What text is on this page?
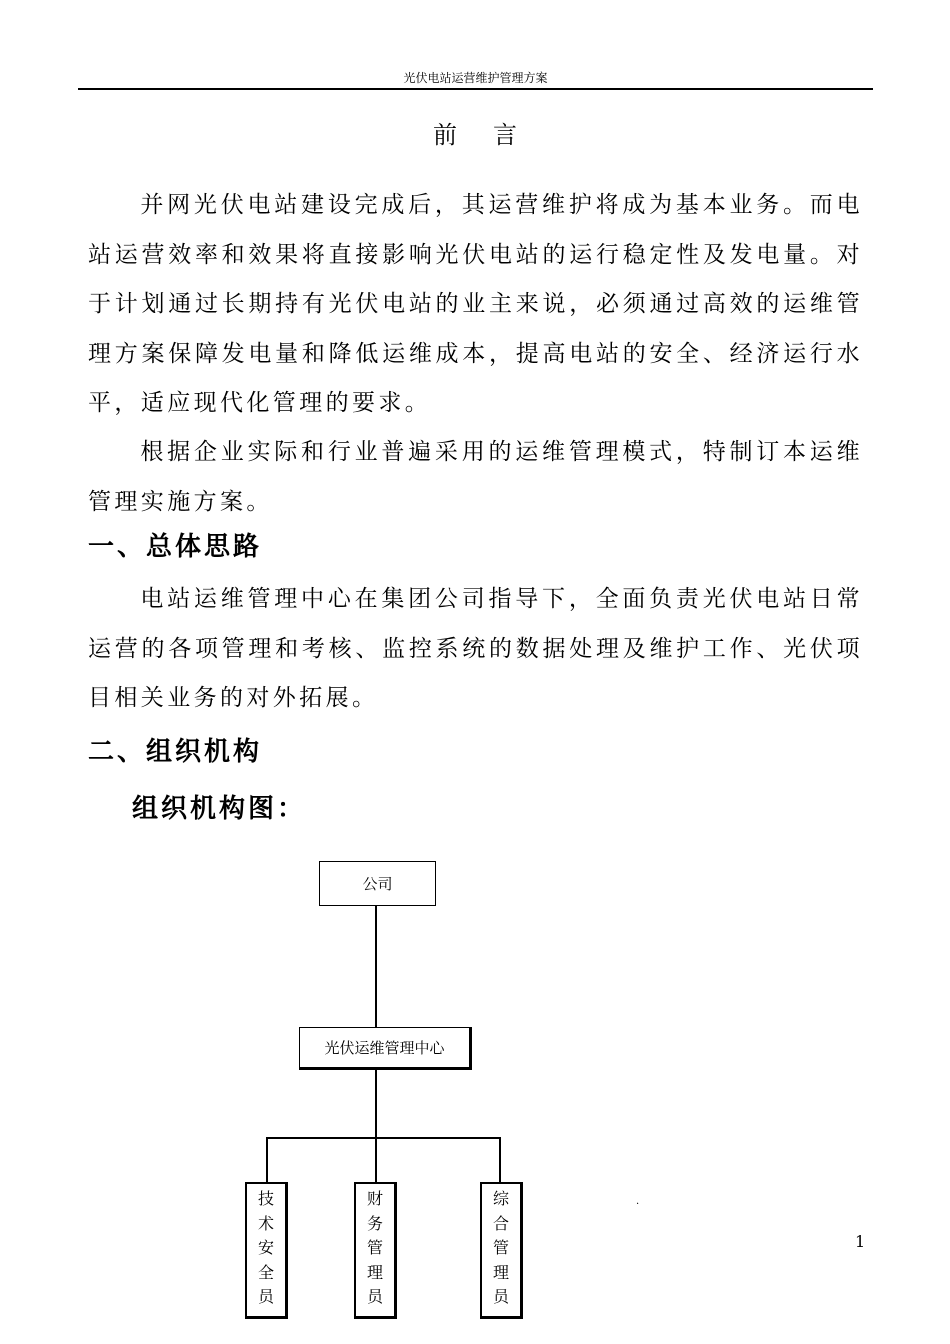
光伏电站运营维护管理方案
前言

并网光伏电站建设完成后，其运营维护将成为基本业务。而电站运营效率和效果将直接影响光伏电站的运行稳定性及发电量。对于计划通过长期持有光伏电站的业主来说，必须通过高效的运维管理方案保障发电量和降低运维成本，提高电站的安全、经济运行水平，适应现代化管理的要求。

根据企业实际和行业普遍采用的运维管理模式，特制订本运维管理实施方案。

一、总体思路

电站运维管理中心在集团公司指导下，全面负责光伏电站日常运营的各项管理和考核、监控系统的数据处理及维护工作、光伏项目相关业务的对外拓展。

二、组织机构
组织机构图：
公司
光伏运维管理中心
技
术
安
全
员
财
务
管
理
员
综
合
管
理
员
.
1
